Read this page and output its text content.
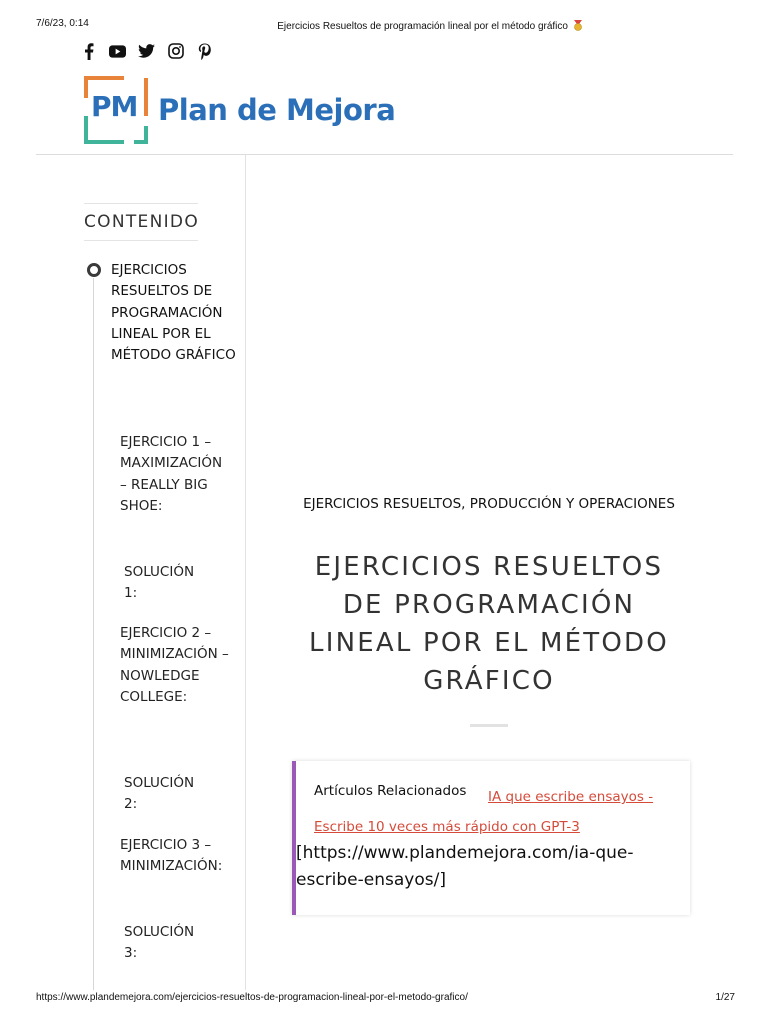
7/6/23, 0:14	Ejercicios Resueltos de programación lineal por el método gráfico
PM Plan de Mejora
CONTENIDO
EJERCICIOS RESUELTOS DE PROGRAMACIÓN LINEAL POR EL MÉTODO GRÁFICO
EJERCICIO 1 – MAXIMIZACIÓN – REALLY BIG SHOE:
SOLUCIÓN 1:
EJERCICIO 2 – MINIMIZACIÓN – NOWLEDGE COLLEGE:
SOLUCIÓN 2:
EJERCICIO 3 – MINIMIZACIÓN:
SOLUCIÓN 3:
EJERCICIOS RESUELTOS, PRODUCCIÓN Y OPERACIONES
EJERCICIOS RESUELTOS DE PROGRAMACIÓN LINEAL POR EL MÉTODO GRÁFICO
Artículos Relacionados	IA que escribe ensayos - Escribe 10 veces más rápido con GPT-3
[https://www.plandemejora.com/ia-que-escribe-ensayos/]
https://www.plandemejora.com/ejercicios-resueltos-de-programacion-lineal-por-el-metodo-grafico/	1/27
